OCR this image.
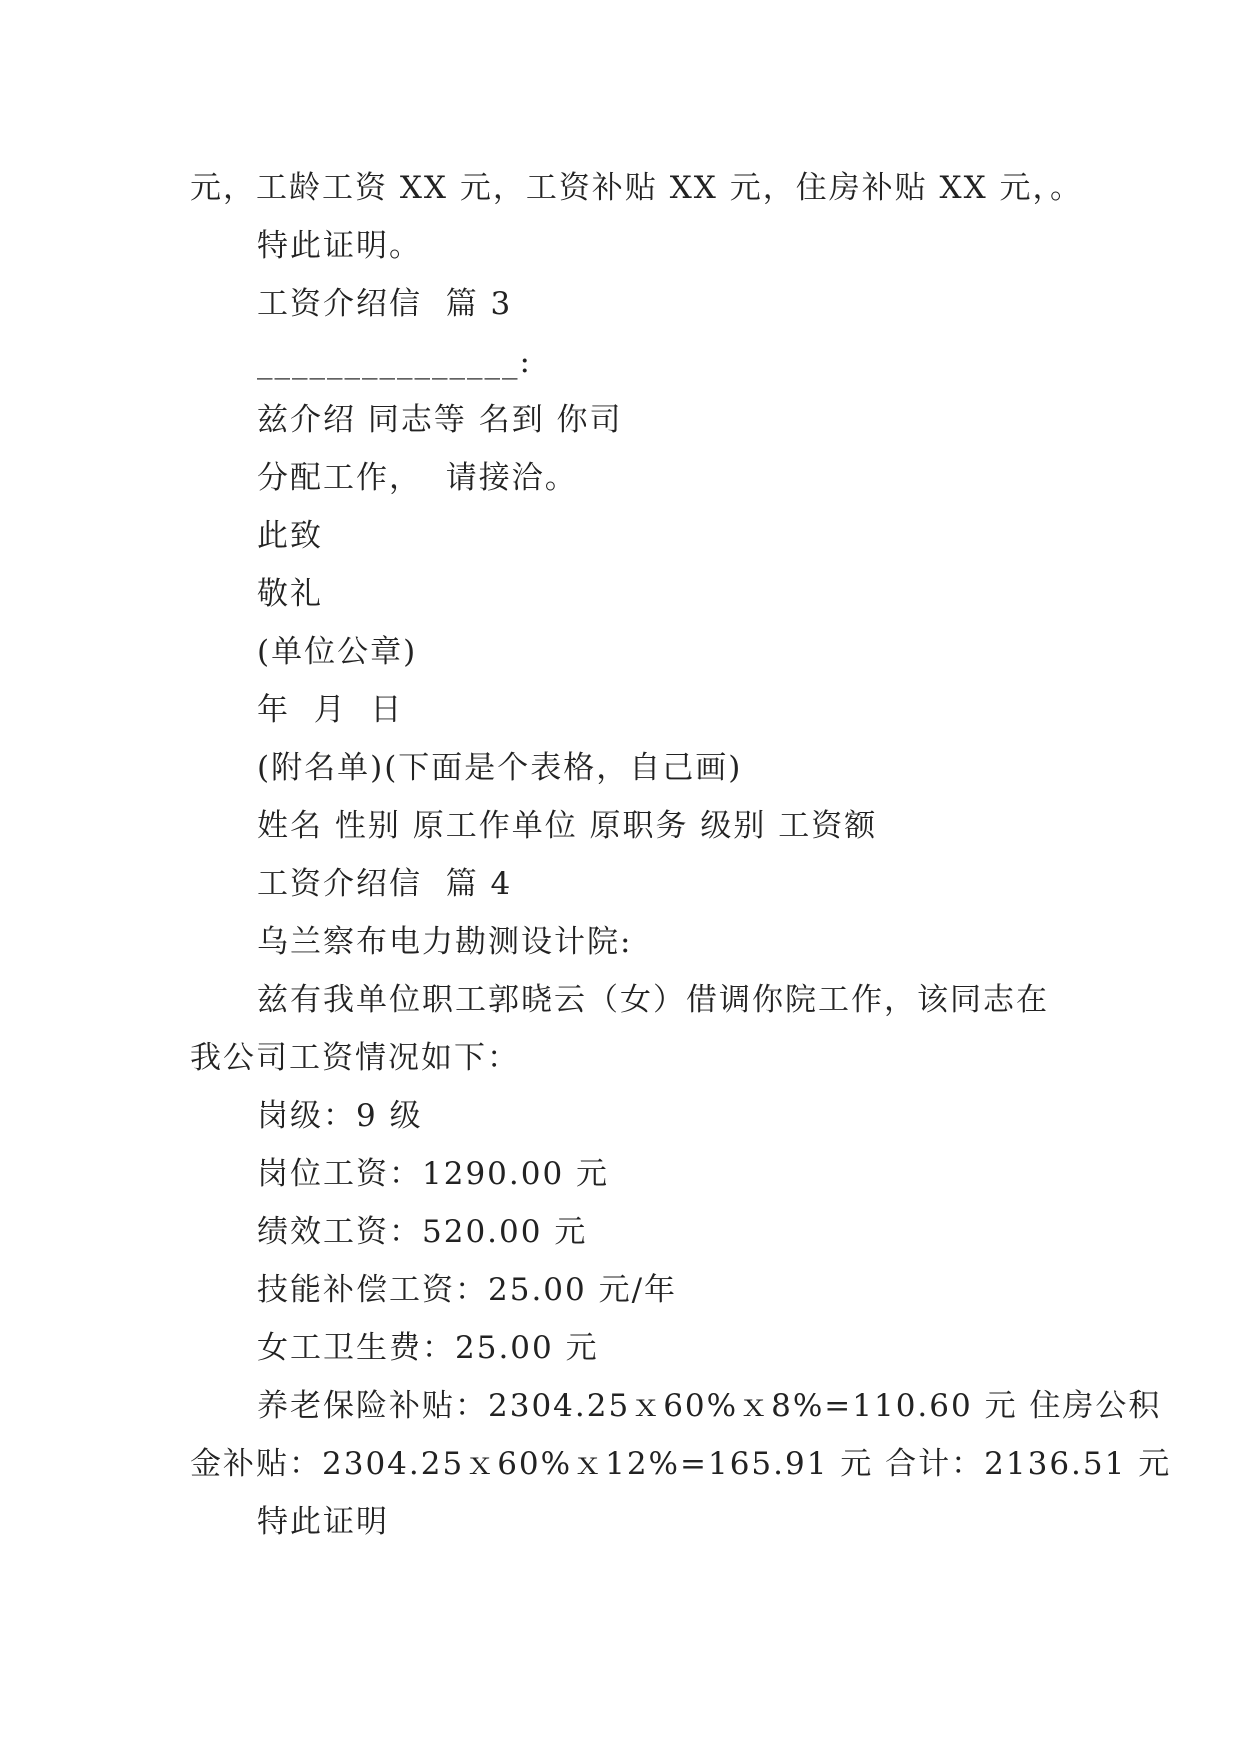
元，工龄工资 XX 元，工资补贴 XX 元，住房补贴 XX 元，。
特此证明。
工资介绍信  篇 3
_______________:
兹介绍 同志等 名到 你司
分配工作，  请接洽。
此致
敬礼
(单位公章)
年  月  日
(附名单)(下面是个表格，自己画)
姓名 性别 原工作单位 原职务 级别 工资额
工资介绍信  篇 4
乌兰察布电力勘测设计院:
兹有我单位职工郭晓云（女）借调你院工作，该同志在
我公司工资情况如下：
岗级：9 级
岗位工资：1290.00 元
绩效工资：520.00 元
技能补偿工资：25.00 元/年
女工卫生费：25.00 元
养老保险补贴：2304.25ｘ60%ｘ8%=110.60 元 住房公积
金补贴：2304.25ｘ60%ｘ12%=165.91 元 合计：2136.51 元
特此证明
